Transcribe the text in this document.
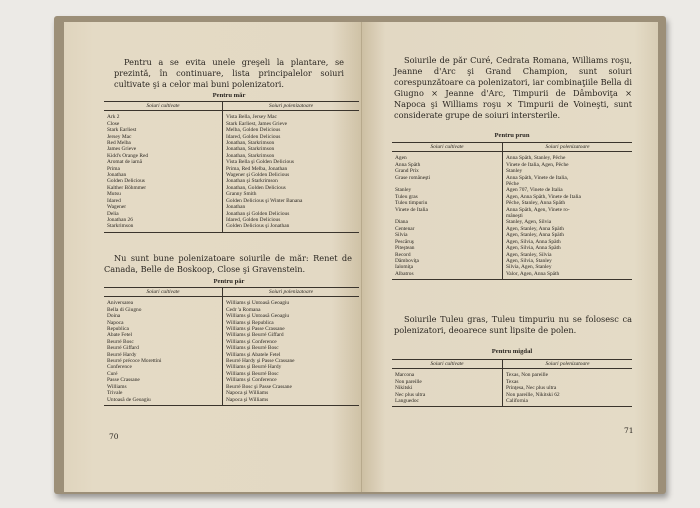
Pentru a se evita unele greşeli la plantare, se prezintă, în continuare, lista principalelor soiuri cultivate şi a celor mai buni polenizatori.
Pentru măr
Soiuri cultivate	Soiuri polenizatoare
Ark 2	Vista Bella, Jersey Mac
Close	Stark Earliest, James Grieve
Stark Earliest	Melba, Golden Delicious
Jersey Mac	Idared, Golden Delicious
Red Melba	Jonathan, Starkrimson
James Grieve	Jonathan, Starkrimson
Kidd's Orange Red	Jonathan, Starkrimson
Aromat de iarnă	Vista Bella şi Golden Delicious
Prima	Prima, Red Melba, Jonathan
Jonathan	Wagener şi Golden Delicious
Golden Delicious	Jonathan şi Starkrimson
Kalther Böhmmer	Jonathan, Golden Delicious
Mutsu	Granny Smith
Idared	Golden Delicious şi Winter Banana
Wagener	Jonathan
Delia	Jonathan şi Golden Delicious
Jonathan 26	Idared, Golden Delicious
Starkrimson	Golden Delicious şi Jonathan
Nu sunt bune polenizatoare soiurile de măr: Renet de Canada, Belle de Boskoop, Close şi Gravenstein.
Pentru păr
Soiuri cultivate	Soiuri polenizatoare
Aniversarea	Williams şi Untoasă Geoagiu
Bella di Giugno	Cedr 'a Romana
Doina	Williams şi Untoasă Geoagiu
Napoca	Williams şi Republica
Republica	Williams şi Passe Crassane
Abate Fetel	Williams şi Beurré Giffard
Beurré Bosc	Williams şi Conference
Beurré Giffard	Williams şi Beurré Bosc
Beurré Hardy	Williams şi Abatele Fetel
Beurré précoce Morettini	Beurré Hardy şi Passe Crassane
Conference	Williams şi Beurré Hardy
Curé	Williams şi Beurré Bosc
Passe Crassane	Williams şi Conference
Williams	Beurré Bosc şi Passe Crassane
Trivale	Napoca şi Williams
Untoasă de Geoagiu	Napoca şi Williams
70
Soiurile de păr Curé, Cedrata Romana, Williams roşu, Jeanne d'Arc şi Grand Champion, sunt soiuri corespunzătoare ca polenizatori, iar combinaţiile Bella di Giugno × Jeanne d'Arc, Timpurii de Dâmboviţa × Napoca şi Williams roşu × Timpurii de Voineşti, sunt considerate grupe de soiuri intersterile.
Pentru prun
Soiuri cultivate	Soiuri polenizatoare
Agen	Anna Späth, Stanley, Pêche
Anna Späth	Vinete de Italia, Agen, Pêche
Grand Prix	Stanley
Grase româneşti	Anna Späth, Vinete de Italia,
	Pêche
Stanley	Agen 707, Vinete de Italia
Tuleu gras	Agen, Anna Späth, Vinete de Italia
Tuleu timpuriu	Pêche, Stanley, Anna Späth
Vinete de Italia	Anna Späth, Agen, Vinete ro-
	mâneşti
Diana	Stanley, Agen, Silvia
Centenar	Agen, Stanley, Anna Späth
Silvia	Agen, Stanley, Anna Späth
Pescăruş	Agen, Silvia, Anna Späth
Piteştean	Agen, Silvia, Anna Späth
Record	Agen, Stanley, Silvia
Dâmboviţa	Agen, Silvia, Stanley
Ialomiţa	Silvia, Agen, Stanley
Albatros	Valor, Agen, Anna Späth
Soiurile Tuleu gras, Tuleu timpuriu nu se folosesc ca polenizatori, deoarece sunt lipsite de polen.
Pentru migdal
Soiuri cultivate	Soiuri polenizatoare
Marcona	Texas, Non pareille
Non pareille	Texas
Nikitski	Prinţesa, Nec plus ultra
Nec plus ultra	Non pareille, Nikitski 62
Languedoc	California
71
